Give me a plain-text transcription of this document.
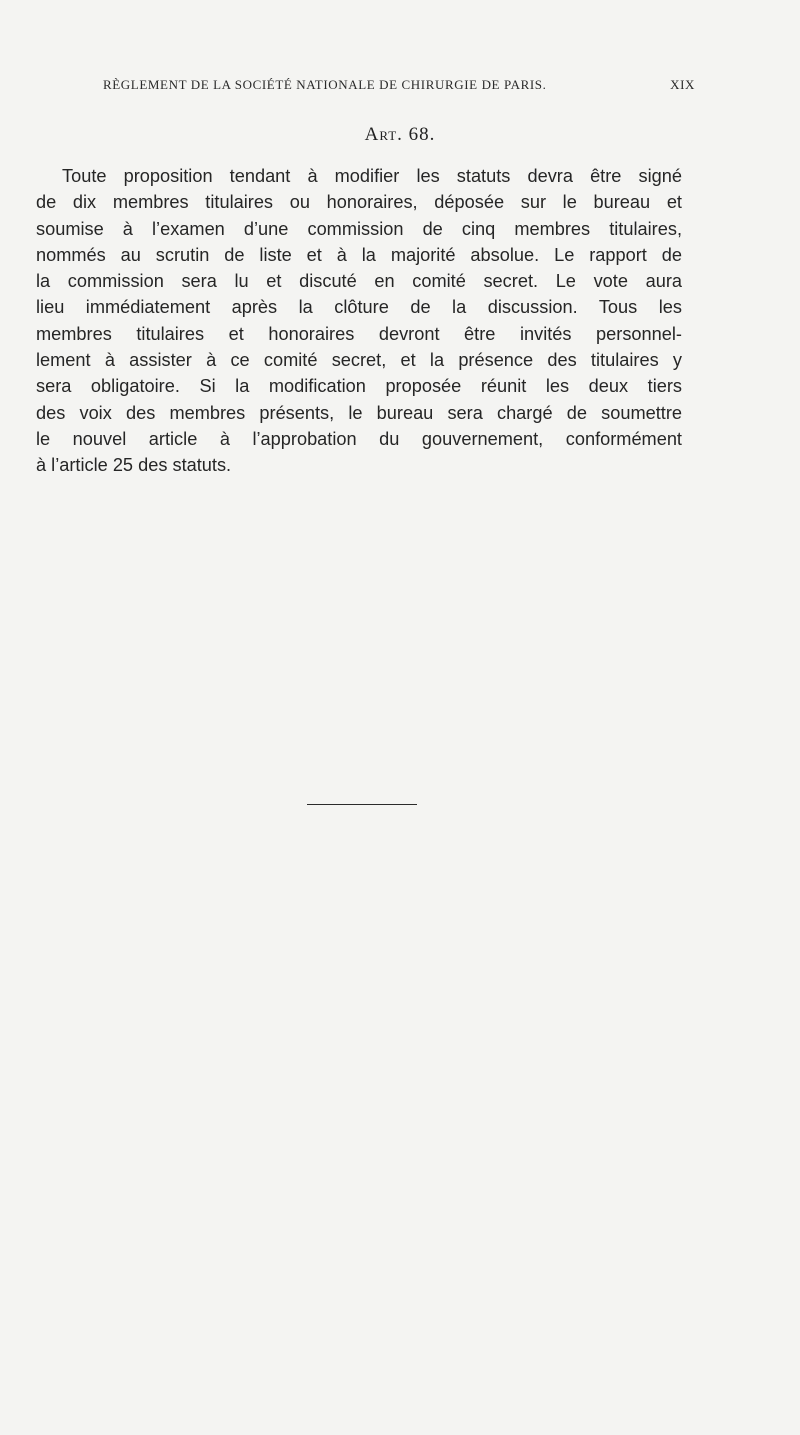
RÈGLEMENT DE LA SOCIÉTÉ NATIONALE DE CHIRURGIE DE PARIS.	XIX
Art. 68.
Toute proposition tendant à modifier les statuts devra être signé
de dix membres titulaires ou honoraires, déposée sur le bureau et
soumise à l’examen d’une commission de cinq membres titulaires,
nommés au scrutin de liste et à la majorité absolue. Le rapport de
la commission sera lu et discuté en comité secret. Le vote aura
lieu immédiatement après la clôture de la discussion. Tous les
membres titulaires et honoraires devront être invités personnel-
lement à assister à ce comité secret, et la présence des titulaires y
sera obligatoire. Si la modification proposée réunit les deux tiers
des voix des membres présents, le bureau sera chargé de soumettre
le nouvel article à l’approbation du gouvernement, conformément
à l’article 25 des statuts.
